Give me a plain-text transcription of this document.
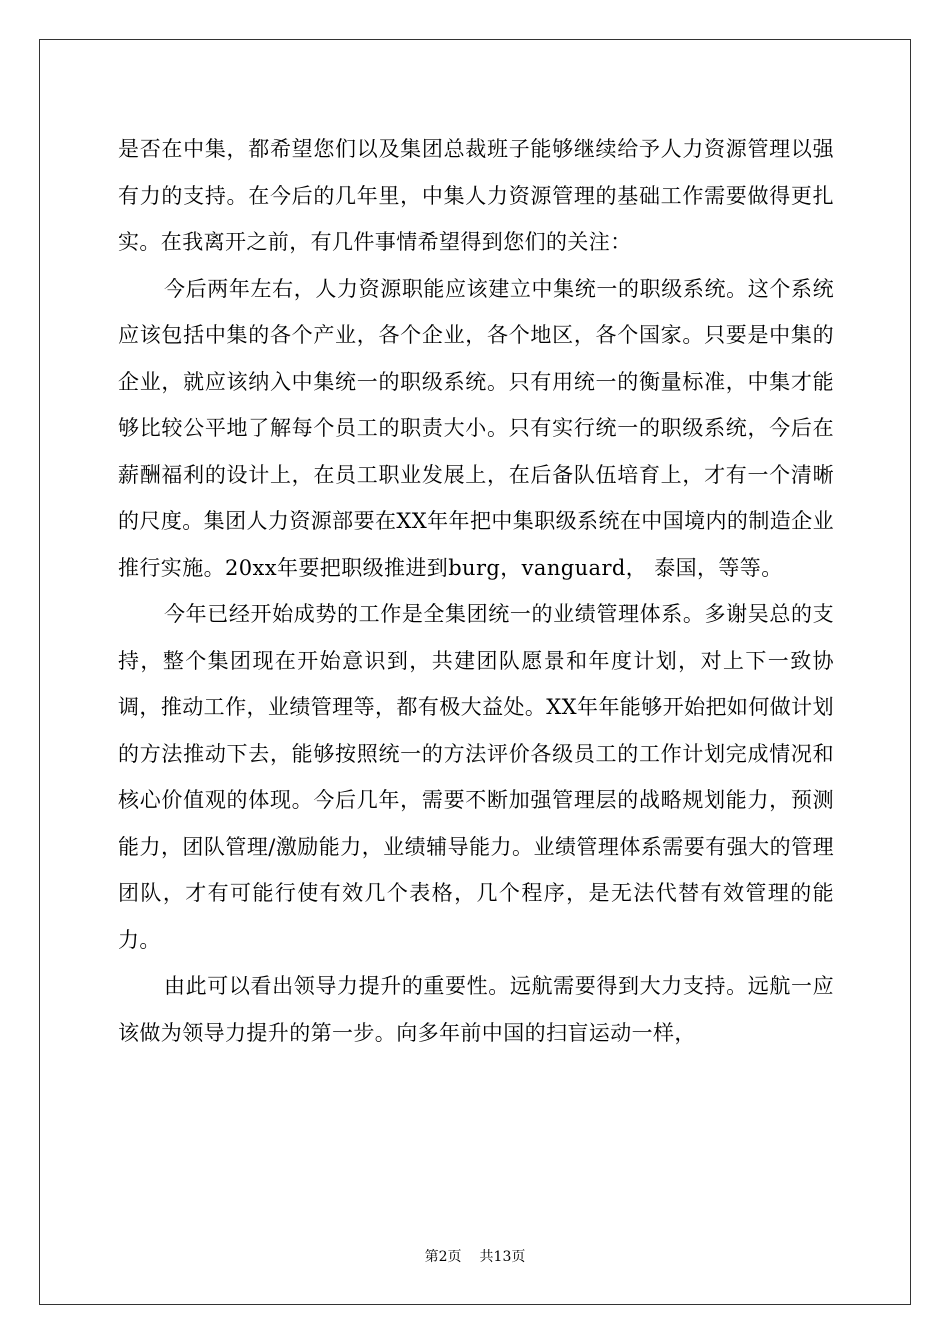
是否在中集，都希望您们以及集团总裁班子能够继续给予人力资源管理以强有力的支持。在今后的几年里，中集人力资源管理的基础工作需要做得更扎实。在我离开之前，有几件事情希望得到您们的关注：

今后两年左右，人力资源职能应该建立中集统一的职级系统。这个系统应该包括中集的各个产业，各个企业，各个地区，各个国家。只要是中集的企业，就应该纳入中集统一的职级系统。只有用统一的衡量标准，中集才能够比较公平地了解每个员工的职责大小。只有实行统一的职级系统，今后在薪酬福利的设计上，在员工职业发展上，在后备队伍培育上，才有一个清晰的尺度。集团人力资源部要在XX年年把中集职级系统在中国境内的制造企业推行实施。20xx年要把职级推进到burg，vanguard， 泰国，等等。

今年已经开始成势的工作是全集团统一的业绩管理体系。多谢吴总的支持，整个集团现在开始意识到，共建团队愿景和年度计划，对上下一致协调，推动工作，业绩管理等，都有极大益处。XX年年能够开始把如何做计划的方法推动下去，能够按照统一的方法评价各级员工的工作计划完成情况和核心价值观的体现。今后几年，需要不断加强管理层的战略规划能力，预测能力，团队管理/激励能力，业绩辅导能力。业绩管理体系需要有强大的管理团队，才有可能行使有效几个表格，几个程序，是无法代替有效管理的能力。

由此可以看出领导力提升的重要性。远航需要得到大力支持。远航一应该做为领导力提升的第一步。向多年前中国的扫盲运动一样，

第2页 共13页
